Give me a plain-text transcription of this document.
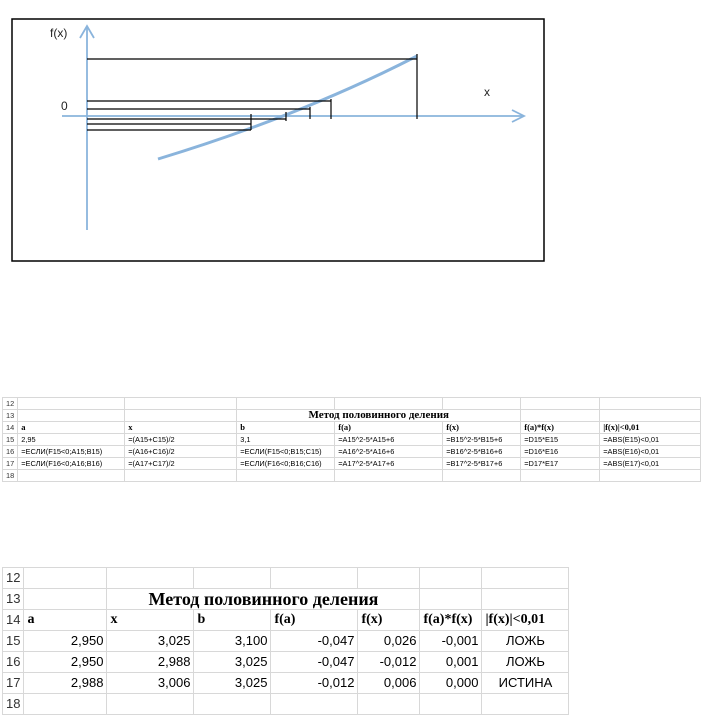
f(x)
x
0
12							
13			Метод половинного деления				
14	a	x	b	f(a)	f(x)	f(a)*f(x)	|f(x)|<0,01
15	2,95	=(A15+C15)/2	3,1	=A15^2-5*A15+6	=B15^2-5*B15+6	=D15*E15	=ABS(E15)<0,01
16	=ЕСЛИ(F15<0;A15;B15)	=(A16+C16)/2	=ЕСЛИ(F15<0;B15;C15)	=A16^2-5*A16+6	=B16^2-5*B16+6	=D16*E16	=ABS(E16)<0,01
17	=ЕСЛИ(F16<0;A16;B16)	=(A17+C17)/2	=ЕСЛИ(F16<0;B16;C16)	=A17^2-5*A17+6	=B17^2-5*B17+6	=D17*E17	=ABS(E17)<0,01
18							
12							
13		Метод половинного деления					
14	a	x	b	f(a)	f(x)	f(a)*f(x)	|f(x)|<0,01
15	2,950	3,025	3,100	-0,047	0,026	-0,001	ЛОЖЬ
16	2,950	2,988	3,025	-0,047	-0,012	0,001	ЛОЖЬ
17	2,988	3,006	3,025	-0,012	0,006	0,000	ИСТИНА
18							
